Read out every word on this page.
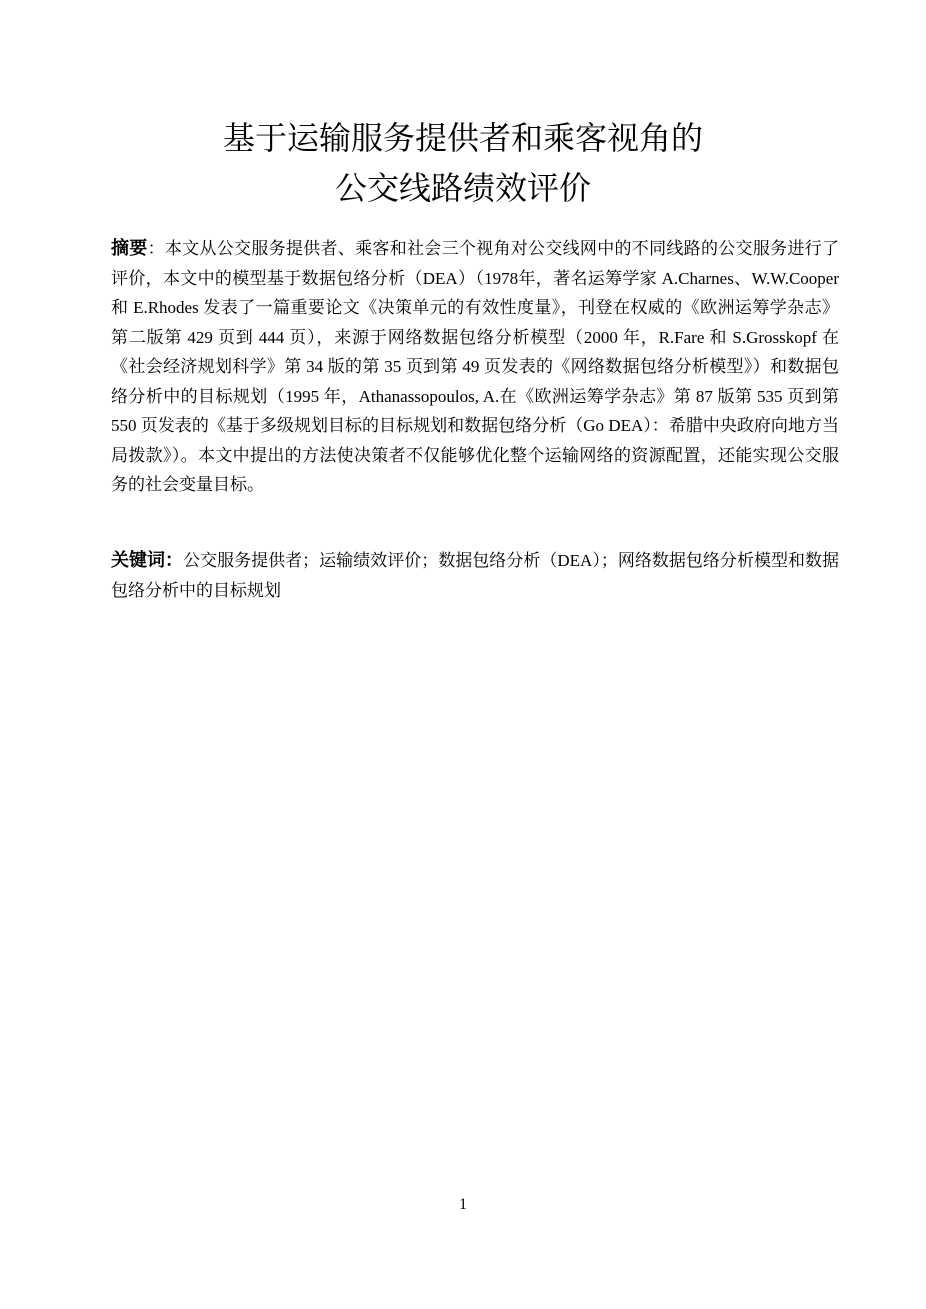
基于运输服务提供者和乘客视角的
公交线路绩效评价

摘要：本文从公交服务提供者、乘客和社会三个视角对公交线网中的不同线路的公交服务进行了评价，本文中的模型基于数据包络分析（DEA）（1978年，著名运筹学家 A.Charnes、W.W.Cooper 和 E.Rhodes 发表了一篇重要论文《决策单元的有效性度量》，刊登在权威的《欧洲运筹学杂志》第二版第 429 页到 444 页），来源于网络数据包络分析模型（2000 年，R.Fare 和 S.Grosskopf 在《社会经济规划科学》第 34 版的第 35 页到第 49 页发表的《网络数据包络分析模型》）和数据包络分析中的目标规划（1995 年，Athanassopoulos, A.在《欧洲运筹学杂志》第 87 版第 535 页到第 550 页发表的《基于多级规划目标的目标规划和数据包络分析（Go DEA）：希腊中央政府向地方当局拨款》）。本文中提出的方法使决策者不仅能够优化整个运输网络的资源配置，还能实现公交服务的社会变量目标。

关键词：公交服务提供者；运输绩效评价；数据包络分析（DEA）；网络数据包络分析模型和数据包络分析中的目标规划

1
